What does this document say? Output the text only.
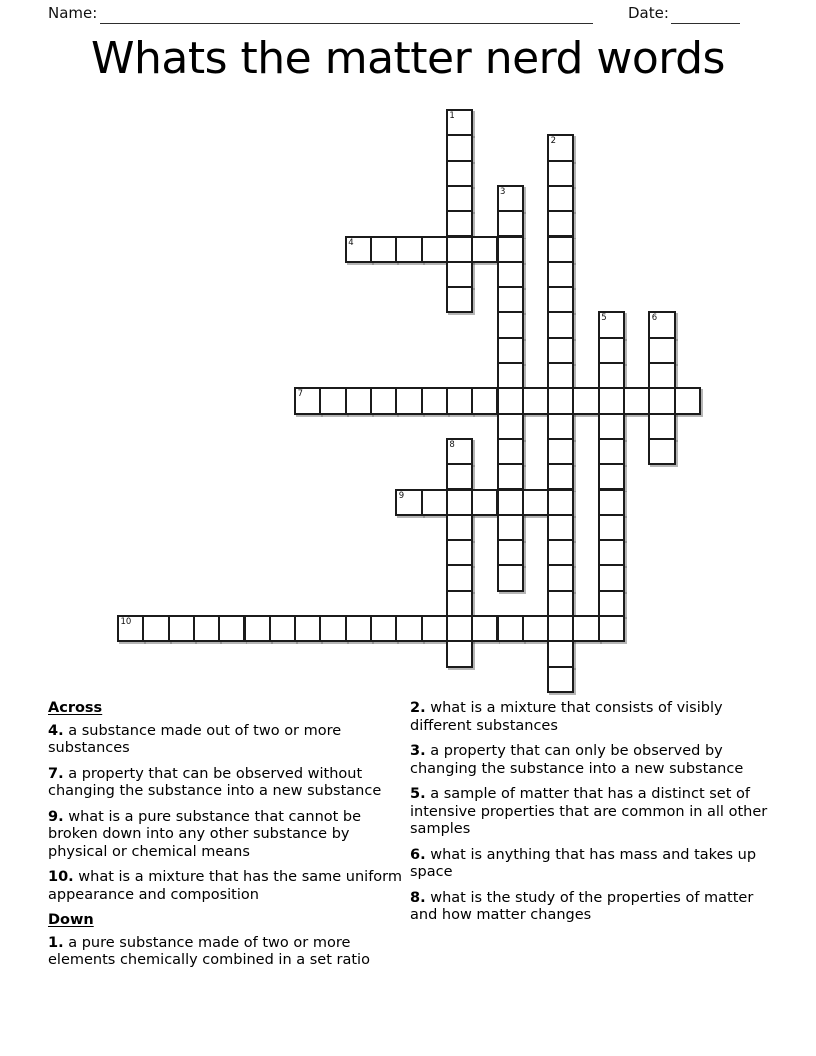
Name:	Date:
Whats the matter nerd words
1
2
3
4
5	6
7
8
9
10
Across
4. a substance made out of two or more substances
7. a property that can be observed without changing the substance into a new substance
9. what is a pure substance that cannot be broken down into any other substance by physical or chemical means
10. what is a mixture that has the same uniform appearance and composition
Down
1. a pure substance made of two or more elements chemically combined in a set ratio
2. what is a mixture that consists of visibly different substances
3. a property that can only be observed by changing the substance into a new substance
5. a sample of matter that has a distinct set of intensive properties that are common in all other samples
6. what is anything that has mass and takes up space
8. what is the study of the properties of matter and how matter changes
